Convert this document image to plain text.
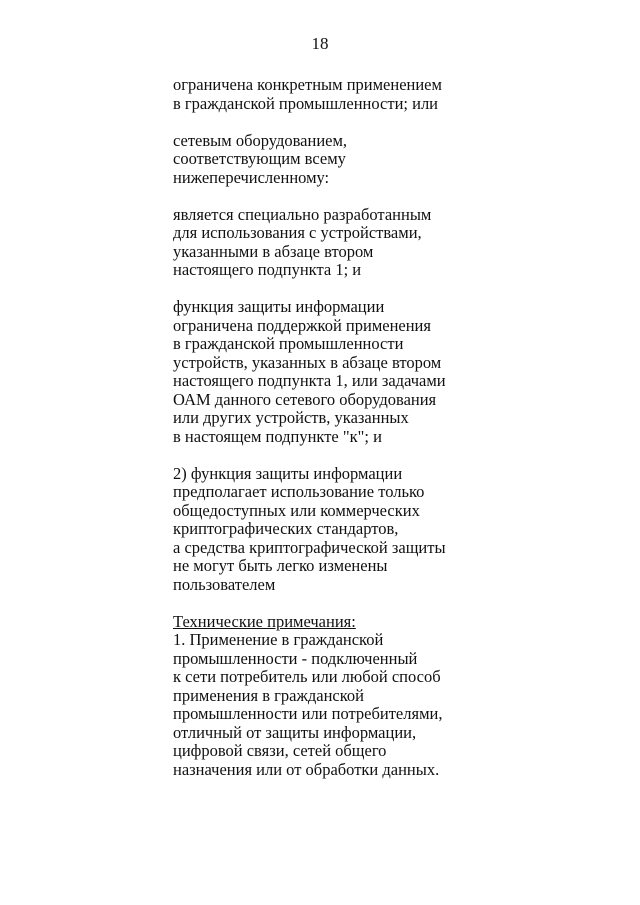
18
ограничена конкретным применением
в гражданской промышленности; или
сетевым оборудованием,
соответствующим всему
нижеперечисленному:
является специально разработанным
для использования с устройствами,
указанными в абзаце втором
настоящего подпункта 1; и
функция защиты информации
ограничена поддержкой применения
в гражданской промышленности
устройств, указанных в абзаце втором
настоящего подпункта 1, или задачами
ОАМ данного сетевого оборудования
или других устройств, указанных
в настоящем подпункте "к"; и
2) функция защиты информации
предполагает использование только
общедоступных или коммерческих
криптографических стандартов,
а средства криптографической защиты
не могут быть легко изменены
пользователем
Технические примечания:
1. Применение в гражданской
промышленности - подключенный
к сети потребитель или любой способ
применения в гражданской
промышленности или потребителями,
отличный от защиты информации,
цифровой связи, сетей общего
назначения или от обработки данных.
